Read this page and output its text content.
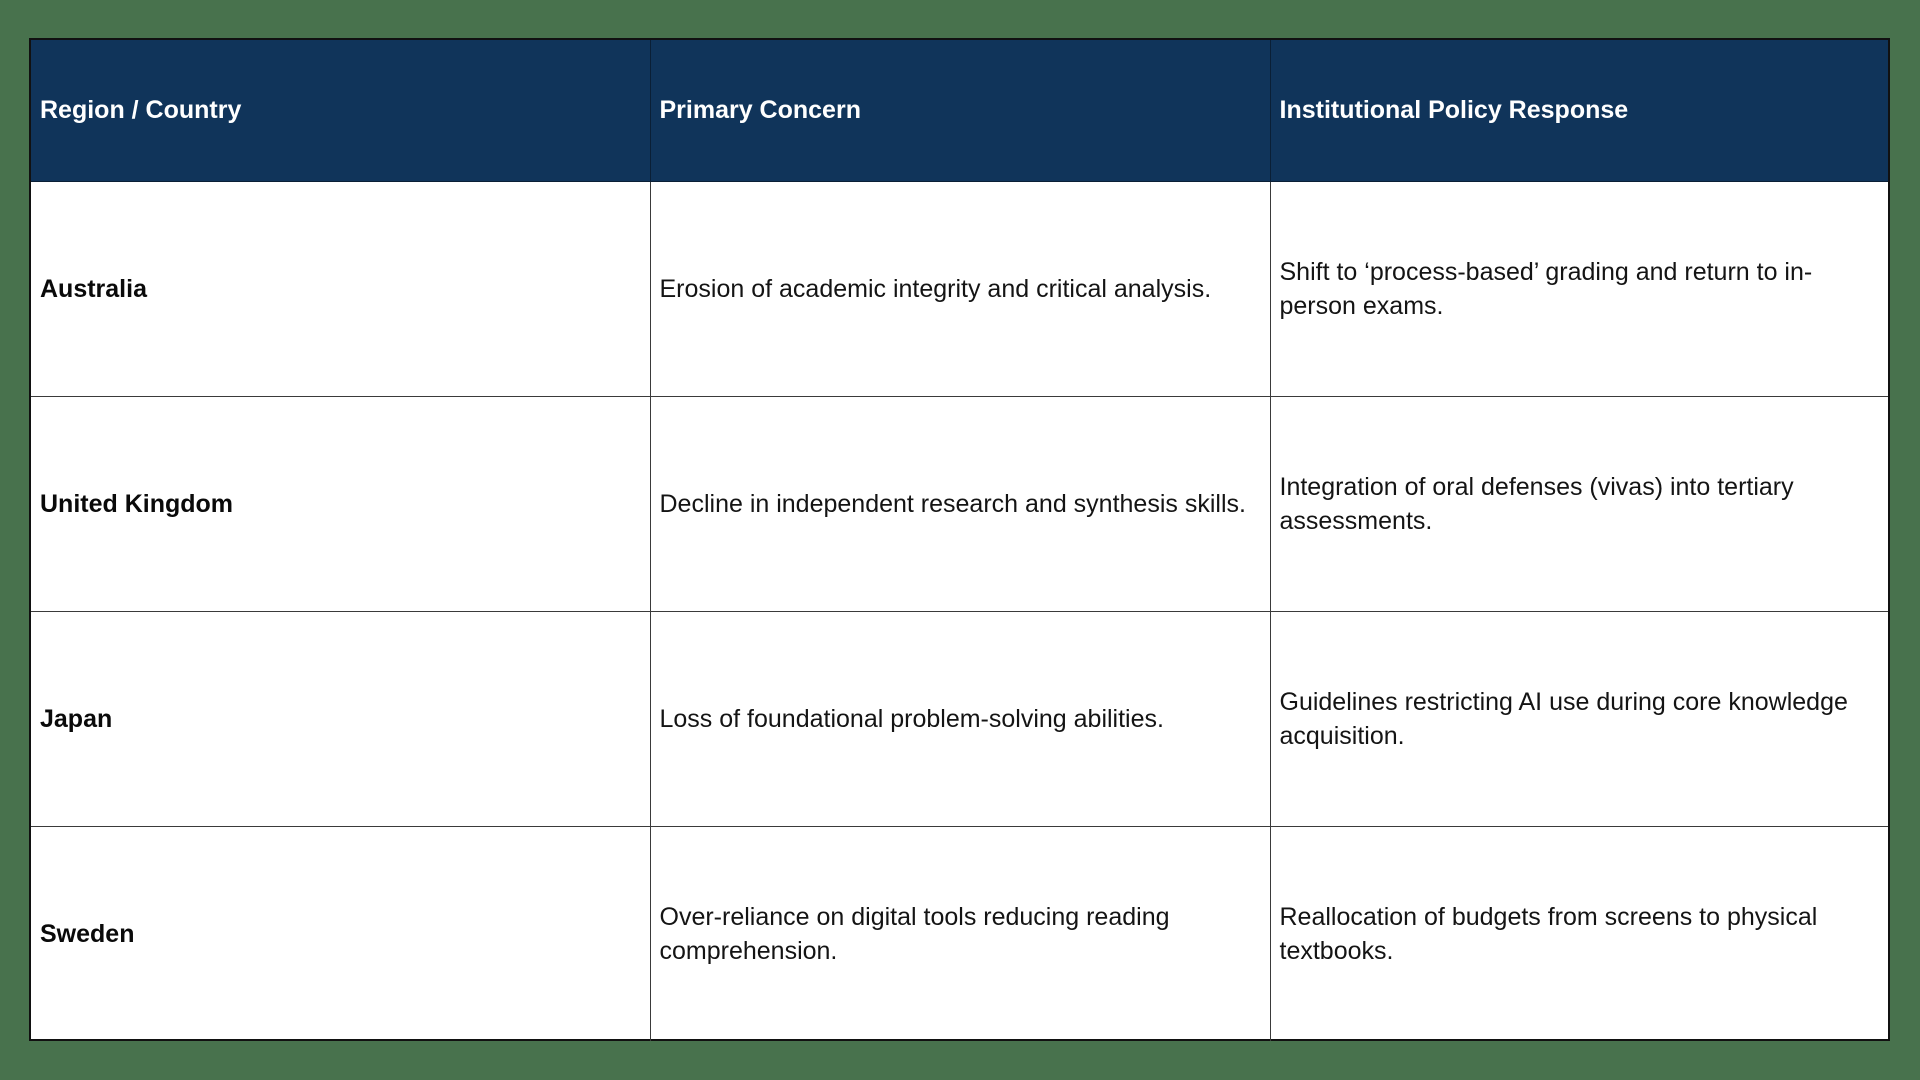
Region / Country	Primary Concern	Institutional Policy Response
Australia	Erosion of academic integrity and critical analysis.	Shift to ‘process-based’ grading and return to in-person exams.
United Kingdom	Decline in independent research and synthesis skills.	Integration of oral defenses (vivas) into tertiary assessments.
Japan	Loss of foundational problem-solving abilities.	Guidelines restricting AI use during core knowledge acquisition.
Sweden	Over-reliance on digital tools reducing reading comprehension.	Reallocation of budgets from screens to physical textbooks.
